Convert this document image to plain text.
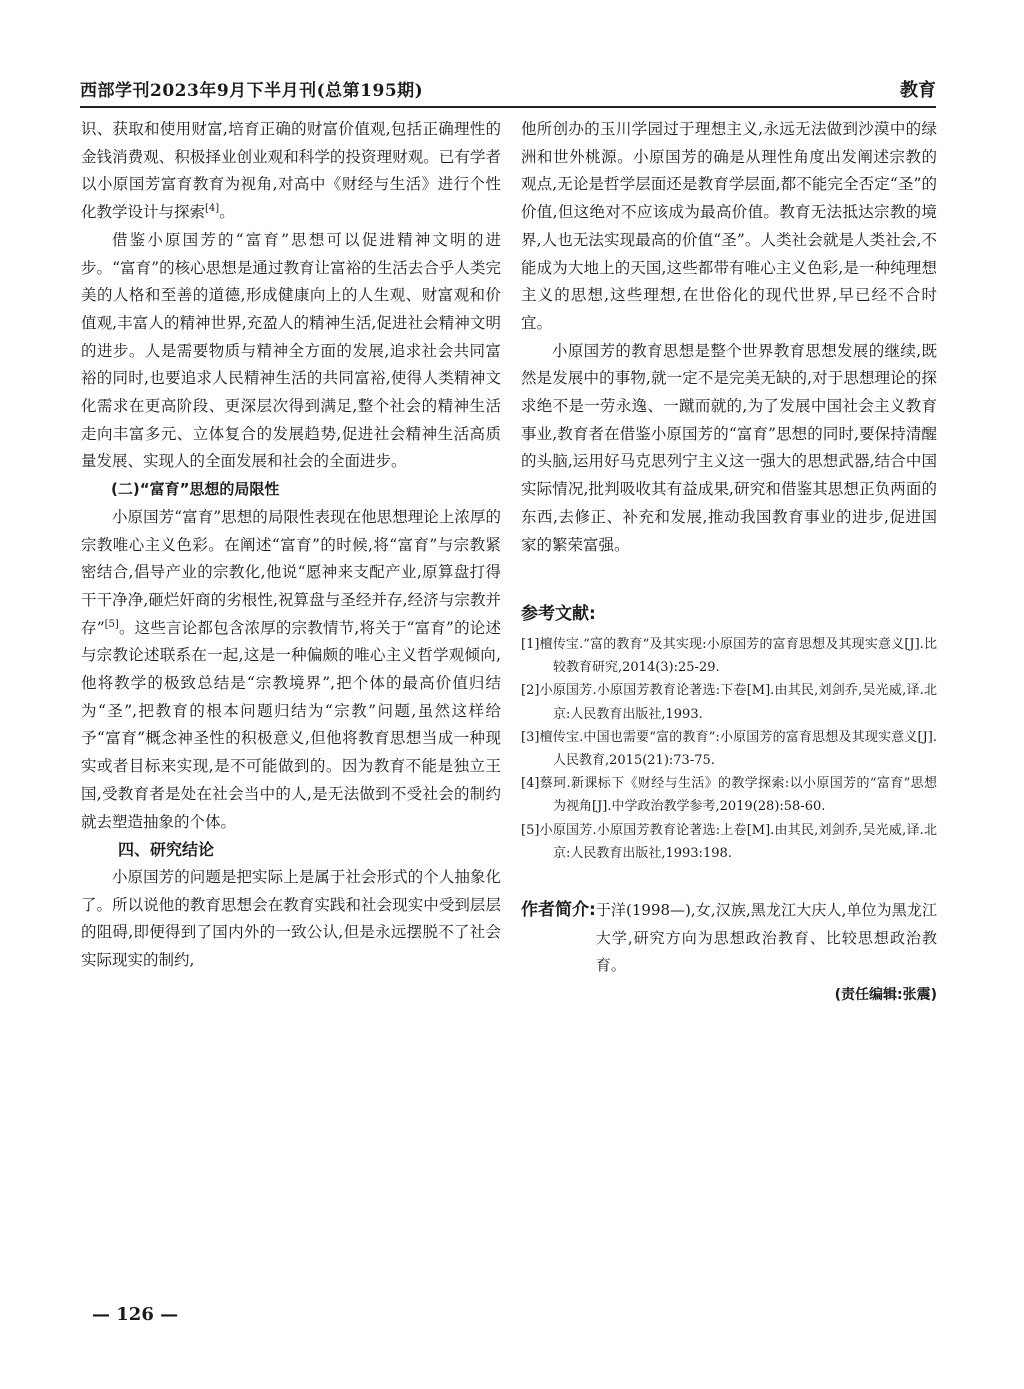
西部学刊2023年9月下半月刊(总第195期)	教育

识、获取和使用财富,培育正确的财富价值观,包括正确理性的金钱消费观、积极择业创业观和科学的投资理财观。已有学者以小原国芳富育教育为视角,对高中《财经与生活》进行个性化教学设计与探索[4]。

借鉴小原国芳的“富育”思想可以促进精神文明的进步。“富育”的核心思想是通过教育让富裕的生活去合乎人类完美的人格和至善的道德,形成健康向上的人生观、财富观和价值观,丰富人的精神世界,充盈人的精神生活,促进社会精神文明的进步。人是需要物质与精神全方面的发展,追求社会共同富裕的同时,也要追求人民精神生活的共同富裕,使得人类精神文化需求在更高阶段、更深层次得到满足,整个社会的精神生活走向丰富多元、立体复合的发展趋势,促进社会精神生活高质量发展、实现人的全面发展和社会的全面进步。

(二)“富育”思想的局限性

小原国芳“富育”思想的局限性表现在他思想理论上浓厚的宗教唯心主义色彩。在阐述“富育”的时候,将“富育”与宗教紧密结合,倡导产业的宗教化,他说“愿神来支配产业,原算盘打得干干净净,砸烂奸商的劣根性,祝算盘与圣经并存,经济与宗教并存”[5]。这些言论都包含浓厚的宗教情节,将关于“富育”的论述与宗教论述联系在一起,这是一种偏颇的唯心主义哲学观倾向,他将教学的极致总结是“宗教境界”,把个体的最高价值归结为“圣”,把教育的根本问题归结为“宗教”问题,虽然这样给予“富育”概念神圣性的积极意义,但他将教育思想当成一种现实或者目标来实现,是不可能做到的。因为教育不能是独立王国,受教育者是处在社会当中的人,是无法做到不受社会的制约就去塑造抽象的个体。

四、研究结论

小原国芳的问题是把实际上是属于社会形式的个人抽象化了。所以说他的教育思想会在教育实践和社会现实中受到层层的阻碍,即便得到了国内外的一致公认,但是永远摆脱不了社会实际现实的制约,

他所创办的玉川学园过于理想主义,永远无法做到沙漠中的绿洲和世外桃源。小原国芳的确是从理性角度出发阐述宗教的观点,无论是哲学层面还是教育学层面,都不能完全否定“圣”的价值,但这绝对不应该成为最高价值。教育无法抵达宗教的境界,人也无法实现最高的价值“圣”。人类社会就是人类社会,不能成为大地上的天国,这些都带有唯心主义色彩,是一种纯理想主义的思想,这些理想,在世俗化的现代世界,早已经不合时宜。

小原国芳的教育思想是整个世界教育思想发展的继续,既然是发展中的事物,就一定不是完美无缺的,对于思想理论的探求绝不是一劳永逸、一蹴而就的,为了发展中国社会主义教育事业,教育者在借鉴小原国芳的“富育”思想的同时,要保持清醒的头脑,运用好马克思列宁主义这一强大的思想武器,结合中国实际情况,批判吸收其有益成果,研究和借鉴其思想正负两面的东西,去修正、补充和发展,推动我国教育事业的进步,促进国家的繁荣富强。

参考文献:

[1]檀传宝.“富的教育”及其实现:小原国芳的富育思想及其现实意义[J].比较教育研究,2014(3):25-29.

[2]小原国芳.小原国芳教育论著选:下卷[M].由其民,刘剑乔,吴光威,译.北京:人民教育出版社,1993.

[3]檀传宝.中国也需要“富的教育”:小原国芳的富育思想及其现实意义[J].人民教育,2015(21):73-75.

[4]蔡珂.新课标下《财经与生活》的教学探索:以小原国芳的“富育”思想为视角[J].中学政治教学参考,2019(28):58-60.

[5]小原国芳.小原国芳教育论著选:上卷[M].由其民,刘剑乔,吴光威,译.北京:人民教育出版社,1993:198.

作者简介: 于洋(1998—),女,汉族,黑龙江大庆人,单位为黑龙江大学,研究方向为思想政治教育、比较思想政治教育。
(责任编辑:张震)
— 126 —
